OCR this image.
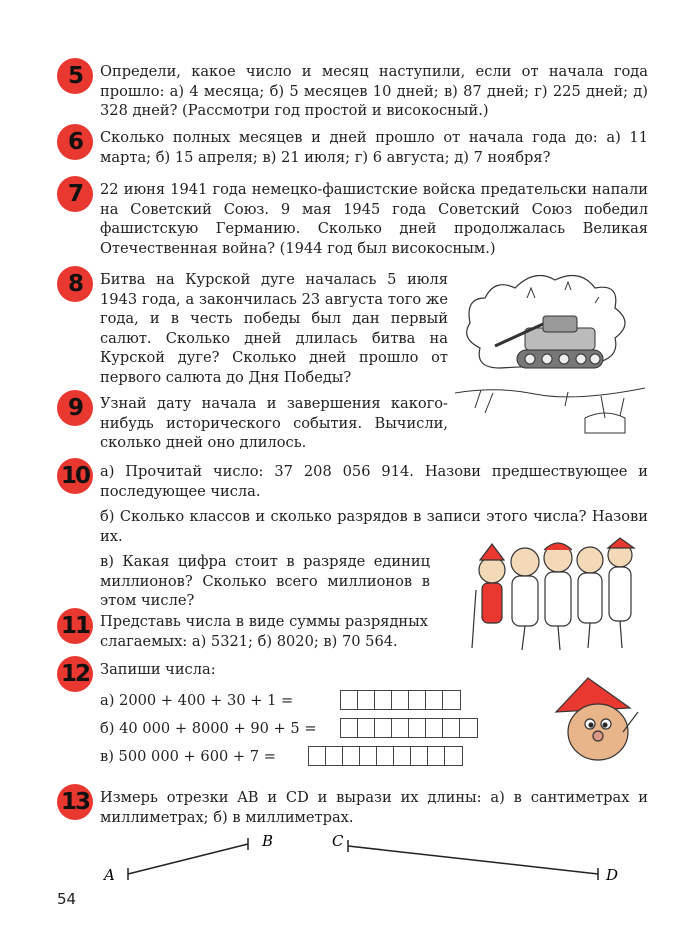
5	Определи, какое число и месяц наступили, если от начала года прошло: а) 4 месяца; б) 5 месяцев 10 дней; в) 87 дней; г) 225 дней; д) 328 дней? (Рассмотри год простой и високосный.)

6	Сколько полных месяцев и дней прошло от начала года до: а) 11 марта; б) 15 апреля; в) 21 июля; г) 6 августа; д) 7 ноября?

7	22 июня 1941 года немецко-фашистские войска предательски напали на Советский Союз. 9 мая 1945 года Советский Союз победил фашистскую Германию. Сколько дней продолжалась Великая Отечественная война? (1944 год был високосным.)

8	Битва на Курской дуге началась 5 июля 1943 года, а закончилась 23 августа того же года, и в честь победы был дан первый салют. Сколько дней длилась битва на Курской дуге? Сколько дней прошло от первого салюта до Дня Победы?

9	Узнай дату начала и завершения какого-нибудь исторического события. Вычисли, сколько дней оно длилось.

10 а) Прочитай число: 37 208 056 914. Назови предшествующее и последующее числа.

б) Сколько классов и сколько разрядов в записи этого числа? Назови их.

в) Какая цифра стоит в разряде единиц миллионов? Сколько всего миллионов в этом числе?

11 Представь числа в виде суммы разрядных слагаемых: а) 5321; б) 8020; в) 70 564.

12 Запиши числа:

а) 2000 + 400 + 30 + 1 =
б) 40 000 + 8000 + 90 + 5 =
в) 500 000 + 600 + 7 =
13 Измерь отрезки AB и CD и вырази их длины: а) в сантиметрах и миллиметрах; б) в миллиметрах.

A
B	C
D
54
